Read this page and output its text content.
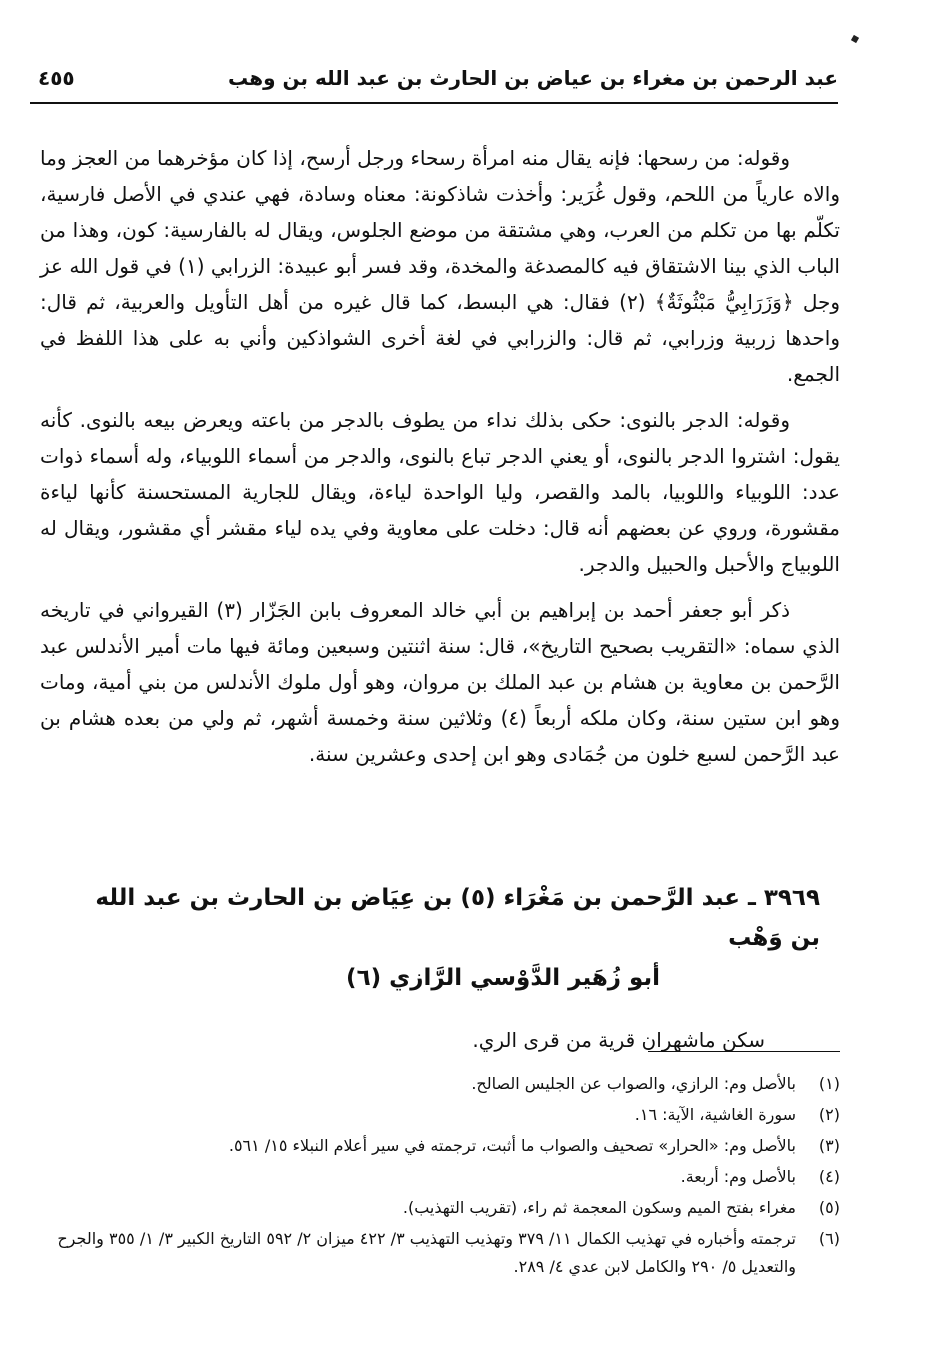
عبد الرحمن بن مغراء بن عياض بن الحارث بن عبد الله بن وهب
٤٥٥

وقوله: من رسحها: فإنه يقال منه امرأة رسحاء ورجل أرسح، إذا كان مؤخرهما من العجز وما والاه عارياً من اللحم، وقول غُرَير: وأخذت شاذكونة: معناه وسادة، فهي عندي في الأصل فارسية، تكلّم بها من تكلم من العرب، وهي مشتقة من موضع الجلوس، ويقال له بالفارسية: كون، وهذا من الباب الذي بينا الاشتقاق فيه كالمصدغة والمخدة، وقد فسر أبو عبيدة: الزرابي (١) في قول الله عز وجل ﴿وَزَرَابِيُّ مَبْثُوثَةٌ﴾ (٢) فقال: هي البسط، كما قال غيره من أهل التأويل والعربية، ثم قال: واحدها زربية وزرابي، ثم قال: والزرابي في لغة أخرى الشواذكين وأني به على هذا اللفظ في الجمع.

وقوله: الدجر بالنوى: حكى بذلك نداء من يطوف بالدجر من باعته ويعرض بيعه بالنوى. كأنه يقول: اشتروا الدجر بالنوى، أو يعني الدجر تباع بالنوى، والدجر من أسماء اللوبياء، وله أسماء ذوات عدد: اللوبياء واللوبيا، بالمد والقصر، وليا الواحدة لياءة، ويقال للجارية المستحسنة كأنها لياءة مقشورة، وروي عن بعضهم أنه قال: دخلت على معاوية وفي يده لياء مقشر أي مقشور، ويقال له اللوبياج والأحبل والحبيل والدجر.

ذكر أبو جعفر أحمد بن إبراهيم بن أبي خالد المعروف بابن الجَزّار (٣) القيرواني في تاريخه الذي سماه: «التقريب بصحيح التاريخ»، قال: سنة اثنتين وسبعين ومائة فيها مات أمير الأندلس عبد الرَّحمن بن معاوية بن هشام بن عبد الملك بن مروان، وهو أول ملوك الأندلس من بني أمية، ومات وهو ابن ستين سنة، وكان ملكه أربعاً (٤) وثلاثين سنة وخمسة أشهر، ثم ولي من بعده هشام بن عبد الرَّحمن لسبع خلون من جُمَادى وهو ابن إحدى وعشرين سنة.

٣٩٦٩ ـ عبد الرَّحمن بن مَغْرَاء (٥) بن عِيَاض بن الحارث بن عبد الله بن وَهْب
أبو زُهَير الدَّوْسي الرَّازي (٦)
سكن ماشهران قرية من قرى الري.
(١)
بالأصل وم: الرازي، والصواب عن الجليس الصالح.
(٢)
سورة الغاشية، الآية: ١٦.
(٣)
بالأصل وم: «الحرار» تصحيف والصواب ما أثبت، ترجمته في سير أعلام النبلاء ١٥/ ٥٦١.
(٤)
بالأصل وم: أربعة.
(٥)
مغراء بفتح الميم وسكون المعجمة ثم راء، (تقريب التهذيب).
(٦)
ترجمته وأخباره في تهذيب الكمال ١١/ ٣٧٩ وتهذيب التهذيب ٣/ ٤٢٢ ميزان ٢/ ٥٩٢ التاريخ الكبير ٣/ ١/ ٣٥٥ والجرح والتعديل ٥/ ٢٩٠ والكامل لابن عدي ٤/ ٢٨٩.
